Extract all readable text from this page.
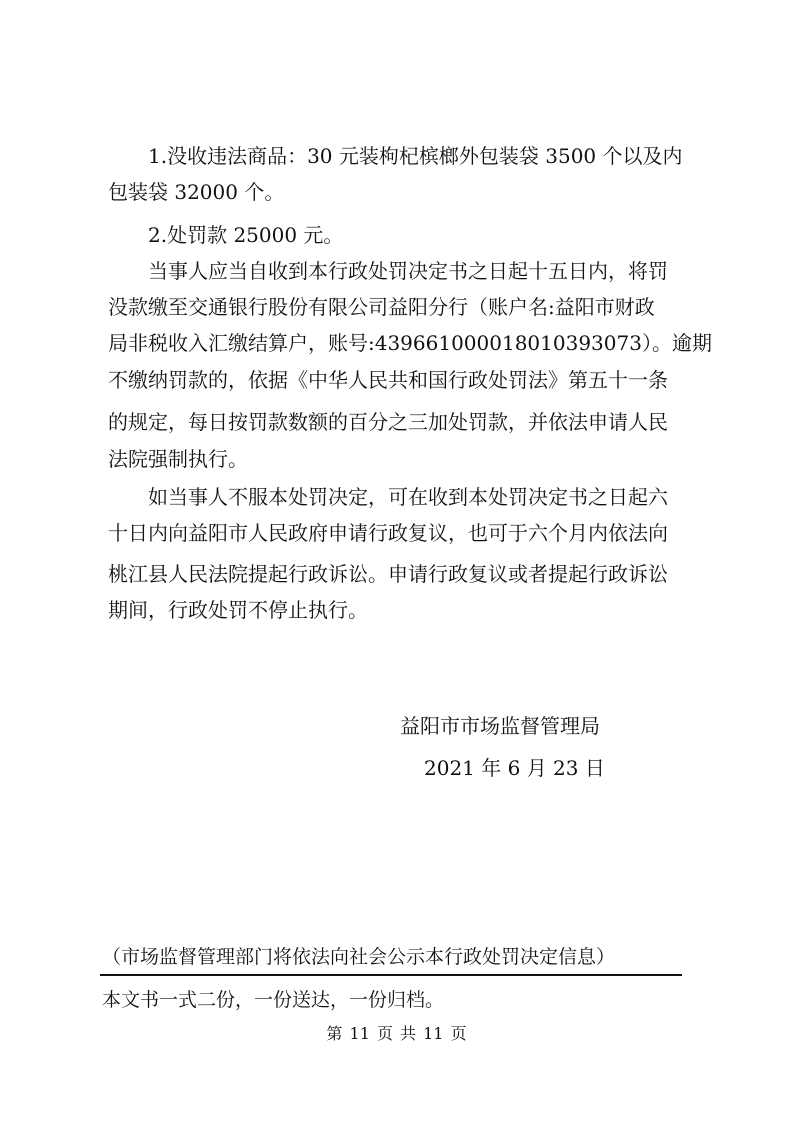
1.没收违法商品：30 元装枸杞槟榔外包装袋 3500 个以及内
包装袋 32000 个。
2.处罚款 25000 元。
当事人应当自收到本行政处罚决定书之日起十五日内，将罚
没款缴至交通银行股份有限公司益阳分行（账户名:益阳市财政
局非税收入汇缴结算户，账号:439661000018010393073）。逾期
不缴纳罚款的，依据《中华人民共和国行政处罚法》第五十一条
的规定，每日按罚款数额的百分之三加处罚款，并依法申请人民
法院强制执行。
如当事人不服本处罚决定，可在收到本处罚决定书之日起六
十日内向益阳市人民政府申请行政复议，也可于六个月内依法向
桃江县人民法院提起行政诉讼。申请行政复议或者提起行政诉讼
期间，行政处罚不停止执行。
益阳市市场监督管理局
2021 年 6 月 23 日
（市场监督管理部门将依法向社会公示本行政处罚决定信息）
本文书一式二份，一份送达，一份归档。
第 11 页 共 11 页
